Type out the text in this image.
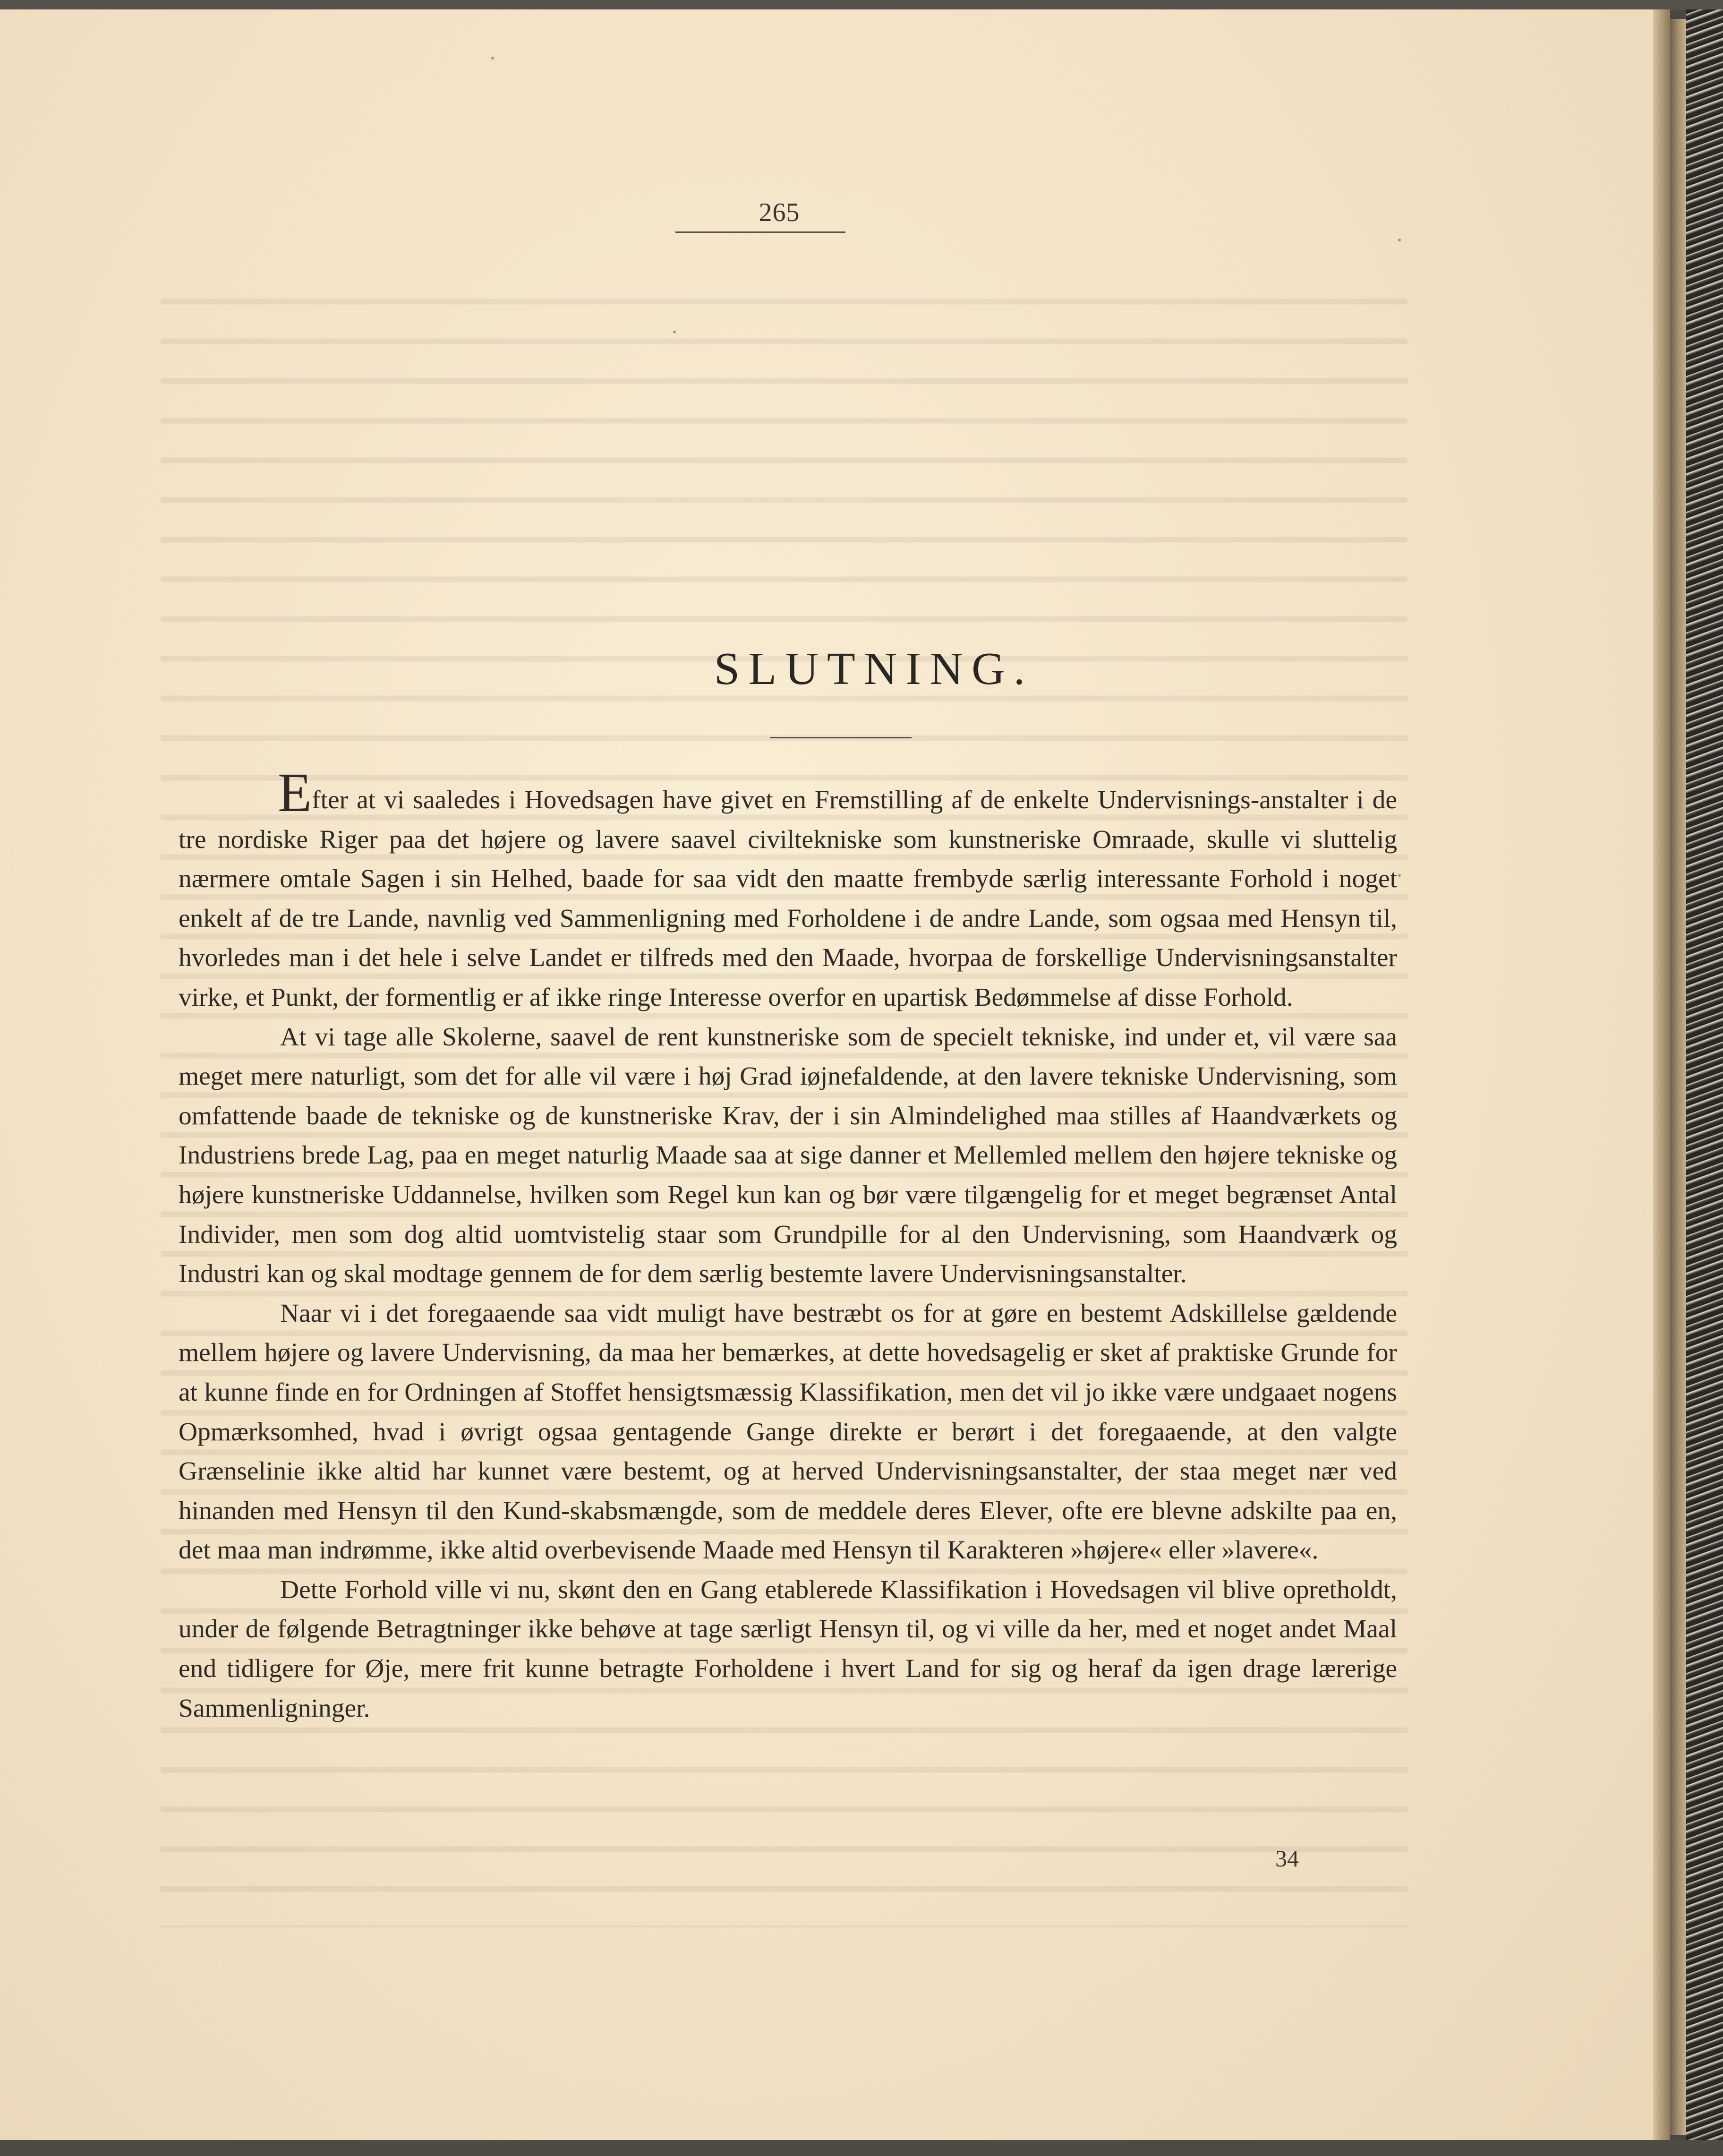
265
SLUTNING.

Efter at vi saaledes i Hovedsagen have givet en Fremstilling af de enkelte Undervisnings-anstalter i de tre nordiske Riger paa det højere og lavere saavel civiltekniske som kunstneriske Omraade, skulle vi sluttelig nærmere omtale Sagen i sin Helhed, baade for saa vidt den maatte frembyde særlig interessante Forhold i noget enkelt af de tre Lande, navnlig ved Sammenligning med Forholdene i de andre Lande, som ogsaa med Hensyn til, hvorledes man i det hele i selve Landet er tilfreds med den Maade, hvorpaa de forskellige Undervisningsanstalter virke, et Punkt, der formentlig er af ikke ringe Interesse overfor en upartisk Bedømmelse af disse Forhold.

At vi tage alle Skolerne, saavel de rent kunstneriske som de specielt tekniske, ind under et, vil være saa meget mere naturligt, som det for alle vil være i høj Grad iøjnefaldende, at den lavere tekniske Undervisning, som omfattende baade de tekniske og de kunstneriske Krav, der i sin Almindelighed maa stilles af Haandværkets og Industriens brede Lag, paa en meget naturlig Maade saa at sige danner et Mellemled mellem den højere tekniske og højere kunstneriske Uddannelse, hvilken som Regel kun kan og bør være tilgængelig for et meget begrænset Antal Individer, men som dog altid uomtvistelig staar som Grundpille for al den Undervisning, som Haandværk og Industri kan og skal modtage gennem de for dem særlig bestemte lavere Undervisningsanstalter.

Naar vi i det foregaaende saa vidt muligt have bestræbt os for at gøre en bestemt Adskillelse gældende mellem højere og lavere Undervisning, da maa her bemærkes, at dette hovedsagelig er sket af praktiske Grunde for at kunne finde en for Ordningen af Stoffet hensigtsmæssig Klassifikation, men det vil jo ikke være undgaaet nogens Opmærksomhed, hvad i øvrigt ogsaa gentagende Gange direkte er berørt i det foregaaende, at den valgte Grænselinie ikke altid har kunnet være bestemt, og at herved Undervisningsanstalter, der staa meget nær ved hinanden med Hensyn til den Kund-skabsmængde, som de meddele deres Elever, ofte ere blevne adskilte paa en, det maa man indrømme, ikke altid overbevisende Maade med Hensyn til Karakteren »højere« eller »lavere«.

Dette Forhold ville vi nu, skønt den en Gang etablerede Klassifikation i Hovedsagen vil blive opretholdt, under de følgende Betragtninger ikke behøve at tage særligt Hensyn til, og vi ville da her, med et noget andet Maal end tidligere for Øje, mere frit kunne betragte Forholdene i hvert Land for sig og heraf da igen drage lærerige Sammenligninger.

34
